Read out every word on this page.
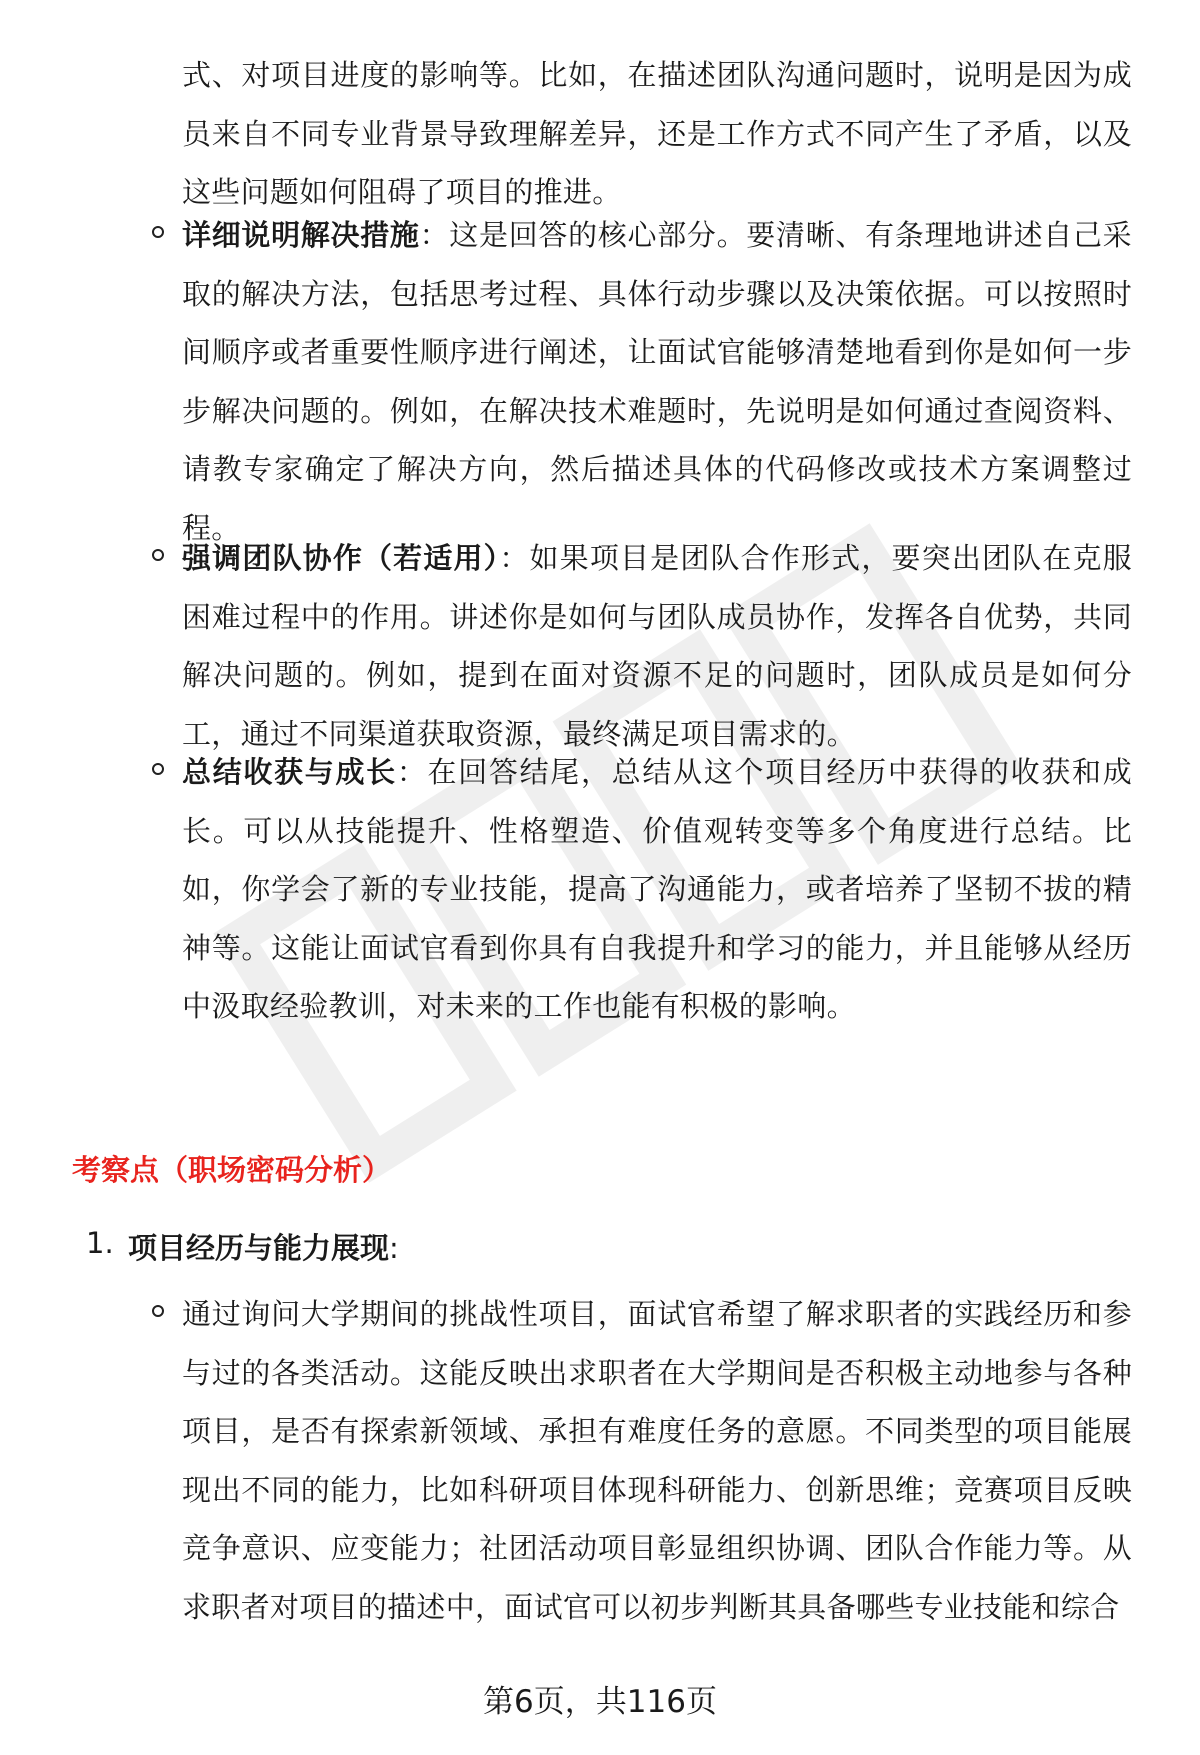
式、对项目进度的影响等。比如，在描述团队沟通问题时，说明是因为成员来自不同专业背景导致理解差异，还是工作方式不同产生了矛盾，以及这些问题如何阻碍了项目的推进。
详细说明解决措施：这是回答的核心部分。要清晰、有条理地讲述自己采取的解决方法，包括思考过程、具体行动步骤以及决策依据。可以按照时间顺序或者重要性顺序进行阐述，让面试官能够清楚地看到你是如何一步步解决问题的。例如，在解决技术难题时，先说明是如何通过查阅资料、请教专家确定了解决方向，然后描述具体的代码修改或技术方案调整过程。
强调团队协作（若适用）：如果项目是团队合作形式，要突出团队在克服困难过程中的作用。讲述你是如何与团队成员协作，发挥各自优势，共同解决问题的。例如，提到在面对资源不足的问题时，团队成员是如何分工，通过不同渠道获取资源，最终满足项目需求的。
总结收获与成长：在回答结尾，总结从这个项目经历中获得的收获和成长。可以从技能提升、性格塑造、价值观转变等多个角度进行总结。比如，你学会了新的专业技能，提高了沟通能力，或者培养了坚韧不拔的精神等。这能让面试官看到你具有自我提升和学习的能力，并且能够从经历中汲取经验教训，对未来的工作也能有积极的影响。
考察点（职场密码分析）
1. 项目经历与能力展现:
通过询问大学期间的挑战性项目，面试官希望了解求职者的实践经历和参与过的各类活动。这能反映出求职者在大学期间是否积极主动地参与各种项目，是否有探索新领域、承担有难度任务的意愿。不同类型的项目能展现出不同的能力，比如科研项目体现科研能力、创新思维；竞赛项目反映竞争意识、应变能力；社团活动项目彰显组织协调、团队合作能力等。从求职者对项目的描述中，面试官可以初步判断其具备哪些专业技能和综合
第6页，共116页
